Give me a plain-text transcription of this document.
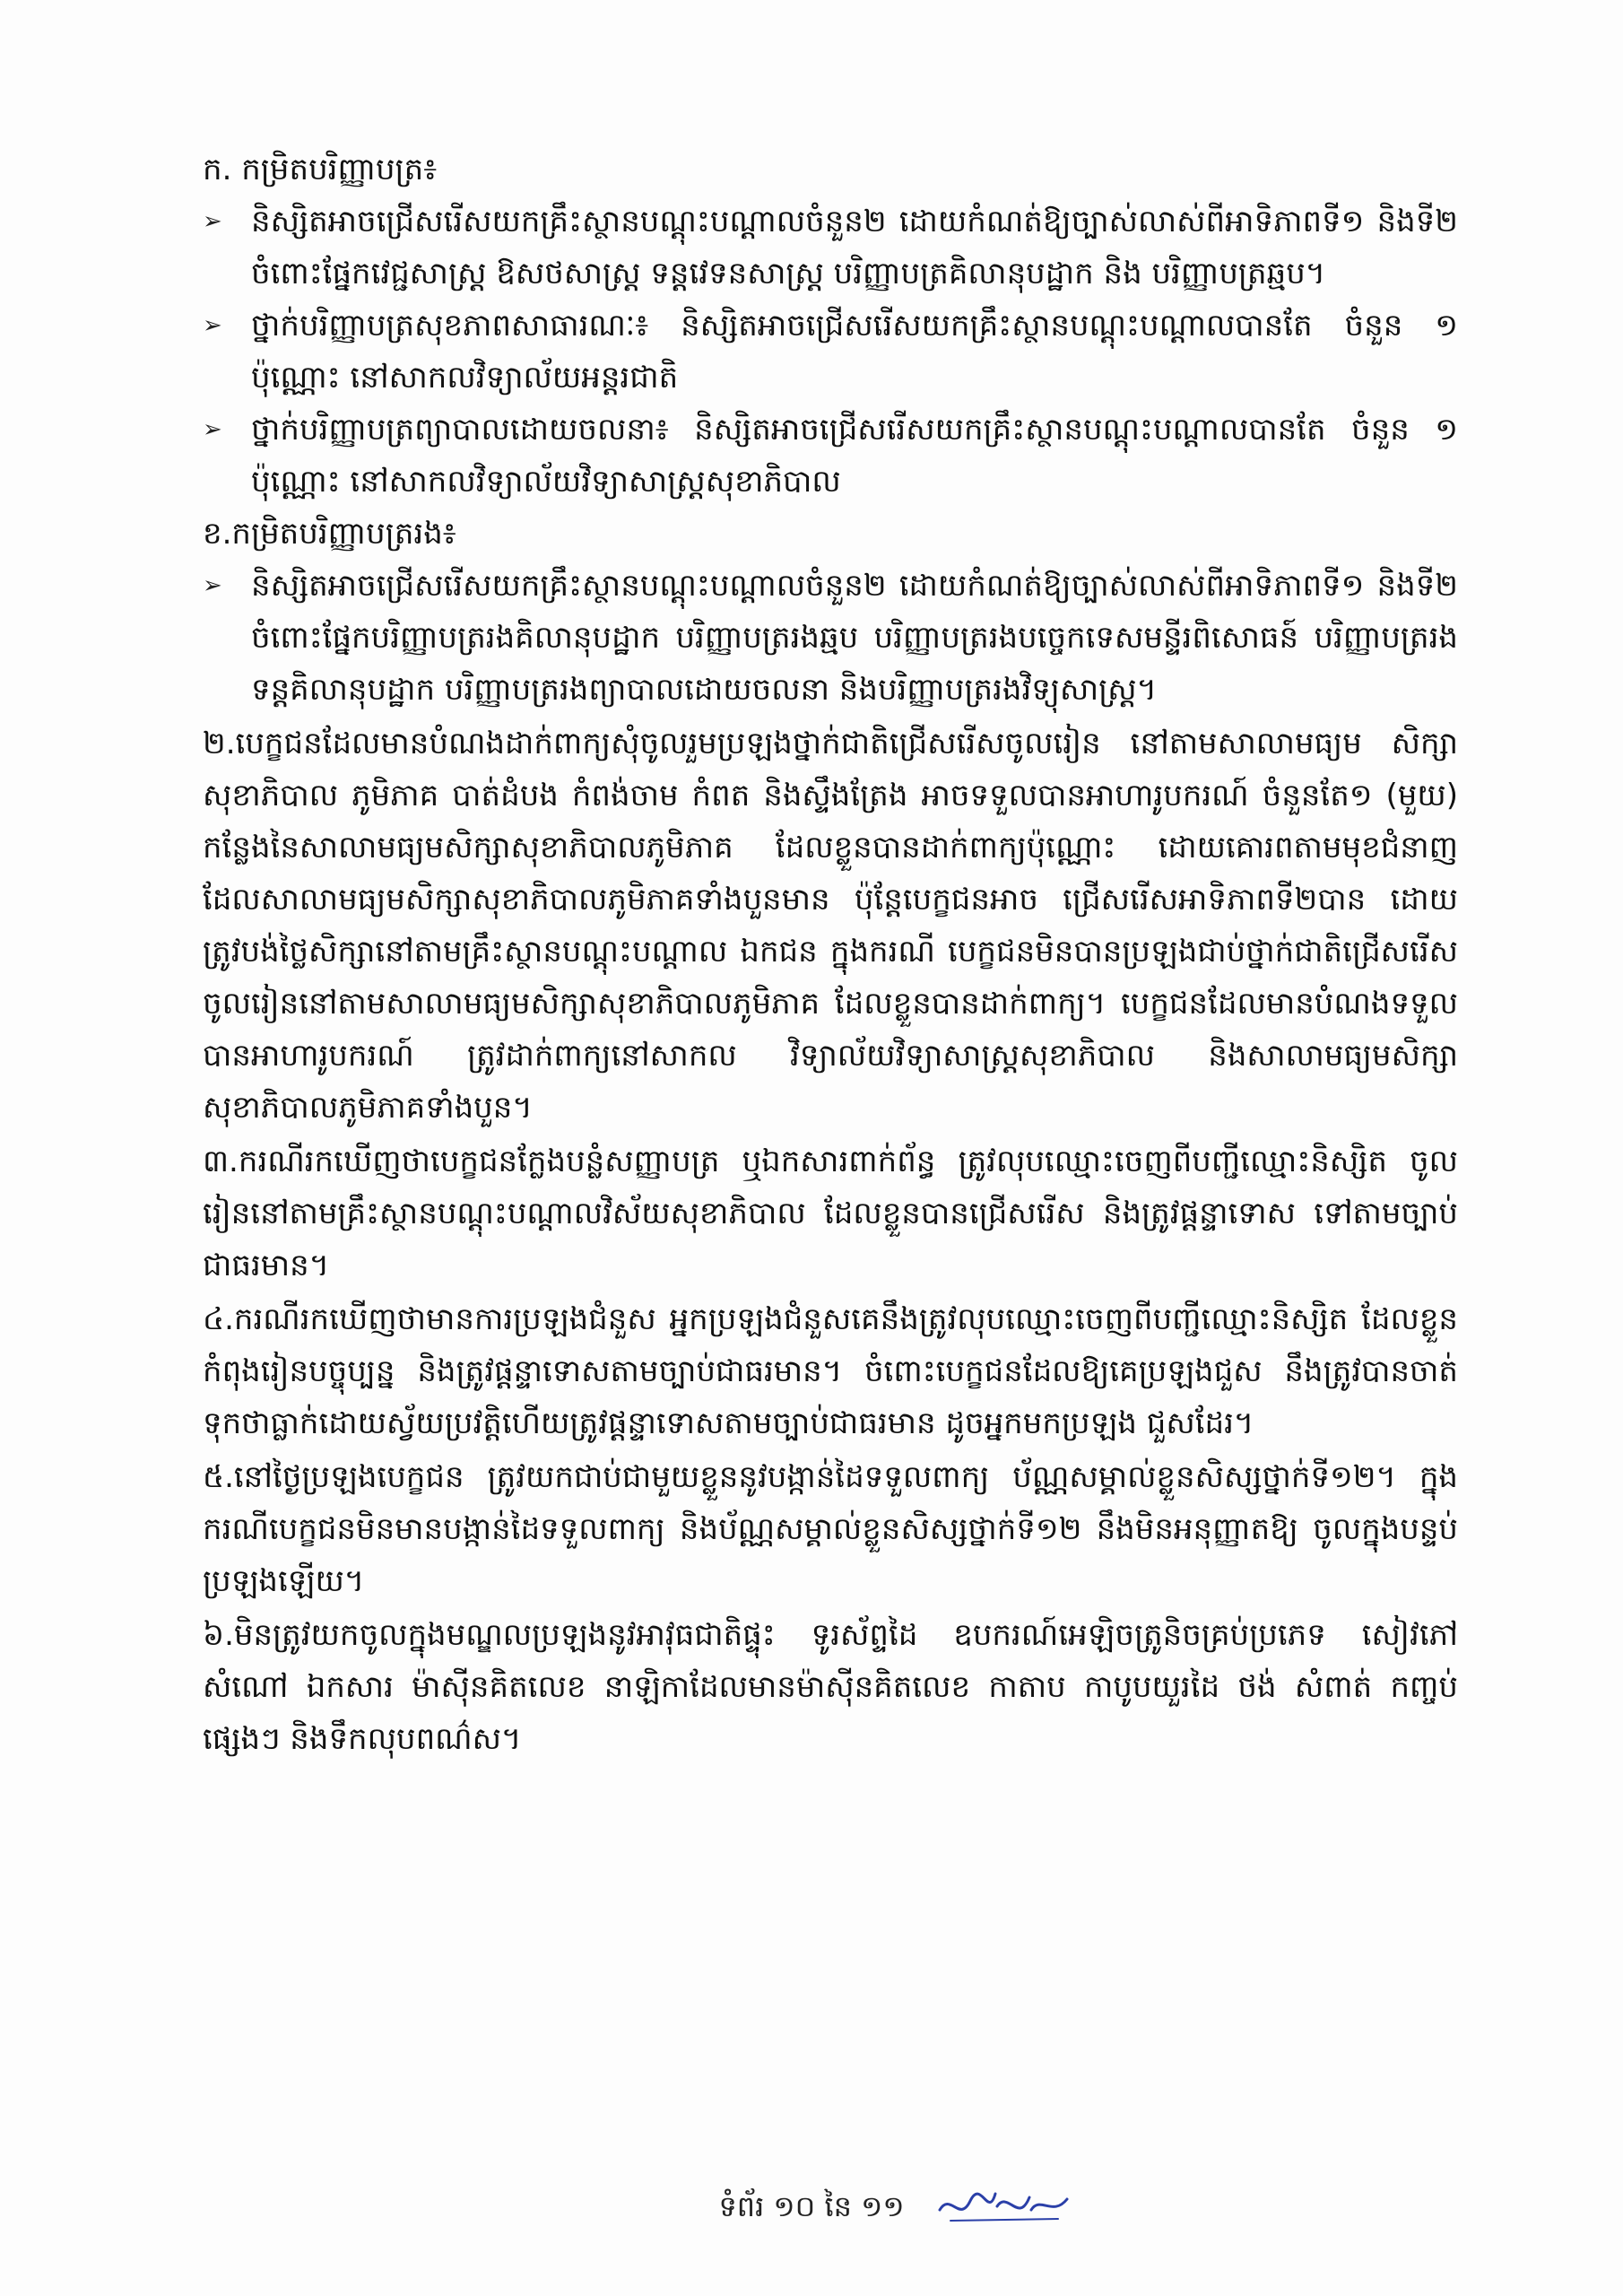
ក. កម្រិតបរិញ្ញាបត្រ៖

➢ និស្សិតអាចជ្រើសរើសយកគ្រឹះស្ថានបណ្ដុះបណ្ដាលចំនួន២ ដោយកំណត់ឱ្យច្បាស់លាស់ពីអាទិភាពទី១ និងទី២ ចំពោះផ្នែកវេជ្ជសាស្ត្រ ឱសថសាស្ត្រ ទន្តវេទនសាស្ត្រ បរិញ្ញាបត្រគិលានុបដ្ឋាក និង បរិញ្ញាបត្រឆ្មប។
➢ ថ្នាក់បរិញ្ញាបត្រសុខភាពសាធារណៈ៖ និស្សិតអាចជ្រើសរើសយកគ្រឹះស្ថានបណ្ដុះបណ្ដាលបានតែ ចំនួន ១ ប៉ុណ្ណោះ នៅសាកលវិទ្យាល័យអន្តរជាតិ
➢ ថ្នាក់បរិញ្ញាបត្រព្យាបាលដោយចលនា៖ និស្សិតអាចជ្រើសរើសយកគ្រឹះស្ថានបណ្ដុះបណ្ដាលបានតែ ចំនួន ១ ប៉ុណ្ណោះ នៅសាកលវិទ្យាល័យវិទ្យាសាស្ត្រសុខាភិបាល

ខ.កម្រិតបរិញ្ញាបត្ររង៖

➢ និស្សិតអាចជ្រើសរើសយកគ្រឹះស្ថានបណ្ដុះបណ្ដាលចំនួន២ ដោយកំណត់ឱ្យច្បាស់លាស់ពីអាទិភាពទី១ និងទី២ ចំពោះផ្នែកបរិញ្ញាបត្ររងគិលានុបដ្ឋាក បរិញ្ញាបត្ររងឆ្មប បរិញ្ញាបត្ររងបច្ចេកទេសមន្ទីរពិសោធន៍ បរិញ្ញាបត្ររងទន្តគិលានុបដ្ឋាក បរិញ្ញាបត្ររងព្យាបាលដោយចលនា និងបរិញ្ញាបត្ររងវិទ្យុសាស្ត្រ។

២.បេក្ខជនដែលមានបំណងដាក់ពាក្យសុំចូលរួមប្រឡងថ្នាក់ជាតិជ្រើសរើសចូលរៀន នៅតាមសាលាមធ្យម សិក្សាសុខាភិបាល ភូមិភាគ បាត់ដំបង កំពង់ចាម កំពត និងស្ទឹងត្រែង អាចទទួលបានអាហារូបករណ៍ ចំនួនតែ១ (មួយ) កន្លែងនៃសាលាមធ្យមសិក្សាសុខាភិបាលភូមិភាគ ដែលខ្លួនបានដាក់ពាក្យប៉ុណ្ណោះ ដោយគោរពតាមមុខជំនាញ ដែលសាលាមធ្យមសិក្សាសុខាភិបាលភូមិភាគទាំងបួនមាន ប៉ុន្តែបេក្ខជនអាច ជ្រើសរើសអាទិភាពទី២បាន ដោយត្រូវបង់ថ្លៃសិក្សានៅតាមគ្រឹះស្ថានបណ្ដុះបណ្ដាល ឯកជន ក្នុងករណី បេក្ខជនមិនបានប្រឡងជាប់ថ្នាក់ជាតិជ្រើសរើសចូលរៀននៅតាមសាលាមធ្យមសិក្សាសុខាភិបាលភូមិភាគ ដែលខ្លួនបានដាក់ពាក្យ។ បេក្ខជនដែលមានបំណងទទួលបានអាហារូបករណ៍ ត្រូវដាក់ពាក្យនៅសាកល វិទ្យាល័យវិទ្យាសាស្ត្រសុខាភិបាល និងសាលាមធ្យមសិក្សាសុខាភិបាលភូមិភាគទាំងបួន។

៣.ករណីរកឃើញថាបេក្ខជនក្លែងបន្លំសញ្ញាបត្រ ឬឯកសារពាក់ព័ន្ធ ត្រូវលុបឈ្មោះចេញពីបញ្ជីឈ្មោះនិស្សិត ចូលរៀននៅតាមគ្រឹះស្ថានបណ្ដុះបណ្ដាលវិស័យសុខាភិបាល ដែលខ្លួនបានជ្រើសរើស និងត្រូវផ្ដន្ទាទោស ទៅតាមច្បាប់ជាធរមាន។

៤.ករណីរកឃើញថាមានការប្រឡងជំនួស អ្នកប្រឡងជំនួសគេនឹងត្រូវលុបឈ្មោះចេញពីបញ្ជីឈ្មោះនិស្សិត ដែលខ្លួនកំពុងរៀនបច្ចុប្បន្ន និងត្រូវផ្ដន្ទាទោសតាមច្បាប់ជាធរមាន។ ចំពោះបេក្ខជនដែលឱ្យគេប្រឡងជួស នឹងត្រូវបានចាត់ទុកថាធ្លាក់ដោយស្វ័យប្រវត្តិហើយត្រូវផ្ដន្ទាទោសតាមច្បាប់ជាធរមាន ដូចអ្នកមកប្រឡង ជួសដែរ។

៥.នៅថ្ងៃប្រឡងបេក្ខជន ត្រូវយកជាប់ជាមួយខ្លួននូវបង្កាន់ដៃទទួលពាក្យ ប័ណ្ណសម្គាល់ខ្លួនសិស្សថ្នាក់ទី១២។ ក្នុងករណីបេក្ខជនមិនមានបង្កាន់ដៃទទួលពាក្យ និងប័ណ្ណសម្គាល់ខ្លួនសិស្សថ្នាក់ទី១២ នឹងមិនអនុញ្ញាតឱ្យ ចូលក្នុងបន្ទប់ប្រឡងឡើយ។

៦.មិនត្រូវយកចូលក្នុងមណ្ឌលប្រឡងនូវអាវុធជាតិផ្ទុះ ទូរស័ព្ទដៃ ឧបករណ៍អេឡិចត្រូនិចគ្រប់ប្រភេទ សៀវភៅ សំណៅ ឯកសារ ម៉ាស៊ីនគិតលេខ នាឡិកាដែលមានម៉ាស៊ីនគិតលេខ កាតាប កាបូបយួរដៃ ថង់ សំពាត់ កញ្ចប់ផ្សេងៗ និងទឹកលុបពណ៌ស។

ទំព័រ ១០ នៃ ១១
